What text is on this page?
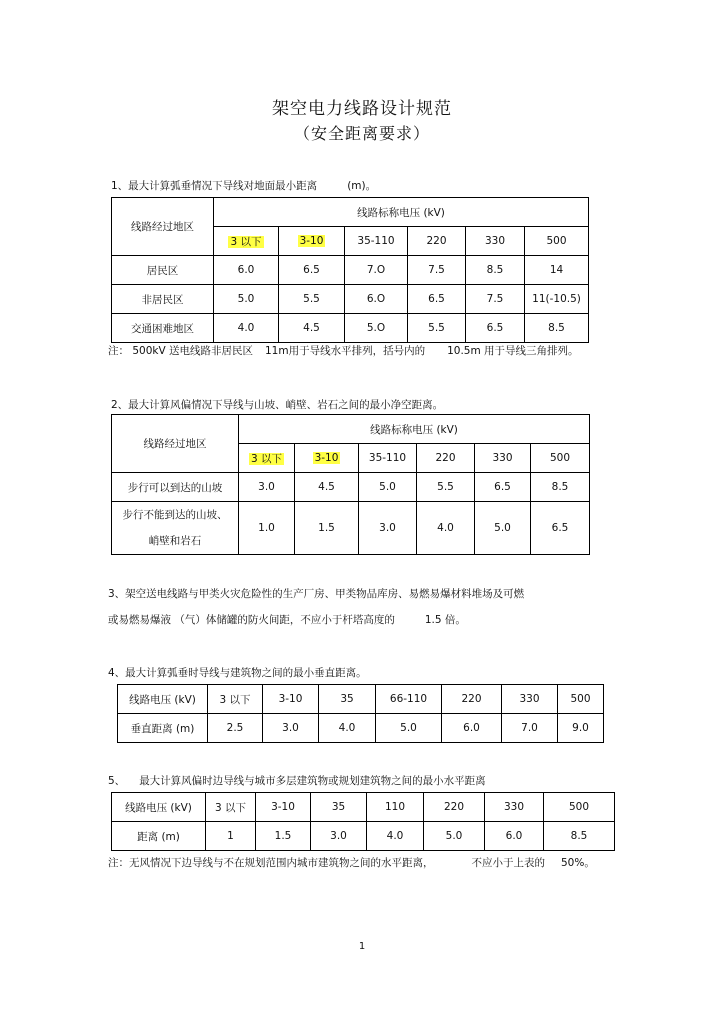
架空电力线路设计规范
（安全距离要求）
1、最大计算弧垂情况下导线对地面最小距离	(m)。
线路经过地区	线路标称电压 (kV)					
	3 以下	3-10	35-110	220	330	500
居民区	6.0	6.5	7.O	7.5	8.5	14
非居民区	5.0	5.5	6.O	6.5	7.5	11(-10.5)
交通困难地区	4.0	4.5	5.O	5.5	6.5	8.5
注： 500kV 送电线路非居民区 11m用于导线水平排列，括号内的 10.5m 用于导线三角排列。
2、最大计算风偏情况下导线与山坡、峭壁、岩石之间的最小净空距离。
线路经过地区	线路标称电压 (kV)					
	3 以下	3-10	35-110	220	330	500
步行可以到达的山坡	3.0	4.5	5.0	5.5	6.5	8.5

步行不能到达的山坡、
峭壁和岩石	1.0	1.5	3.0	4.0	5.0	6.5
3、架空送电线路与甲类火灾危险性的生产厂房、甲类物品库房、易燃易爆材料堆场及可燃
或易燃易爆液 （气）体储罐的防火间距，不应小于杆塔高度的	1.5 倍。
4、最大计算弧垂时导线与建筑物之间的最小垂直距离。
线路电压 (kV)	3 以下	3-10	35	66-110	220	330	500
垂直距离 (m)	2.5	3.0	4.0	5.0	6.0	7.0	9.0
5、 最大计算风偏时边导线与城市多层建筑物或规划建筑物之间的最小水平距离
线路电压 (kV)	3 以下	3-10	35	110	220	330	500
距离 (m)	1	1.5	3.0	4.0	5.0	6.0	8.5
注：无风情况下边导线与不在规划范围内城市建筑物之间的水平距离，	不应小于上表的 50%。
1
